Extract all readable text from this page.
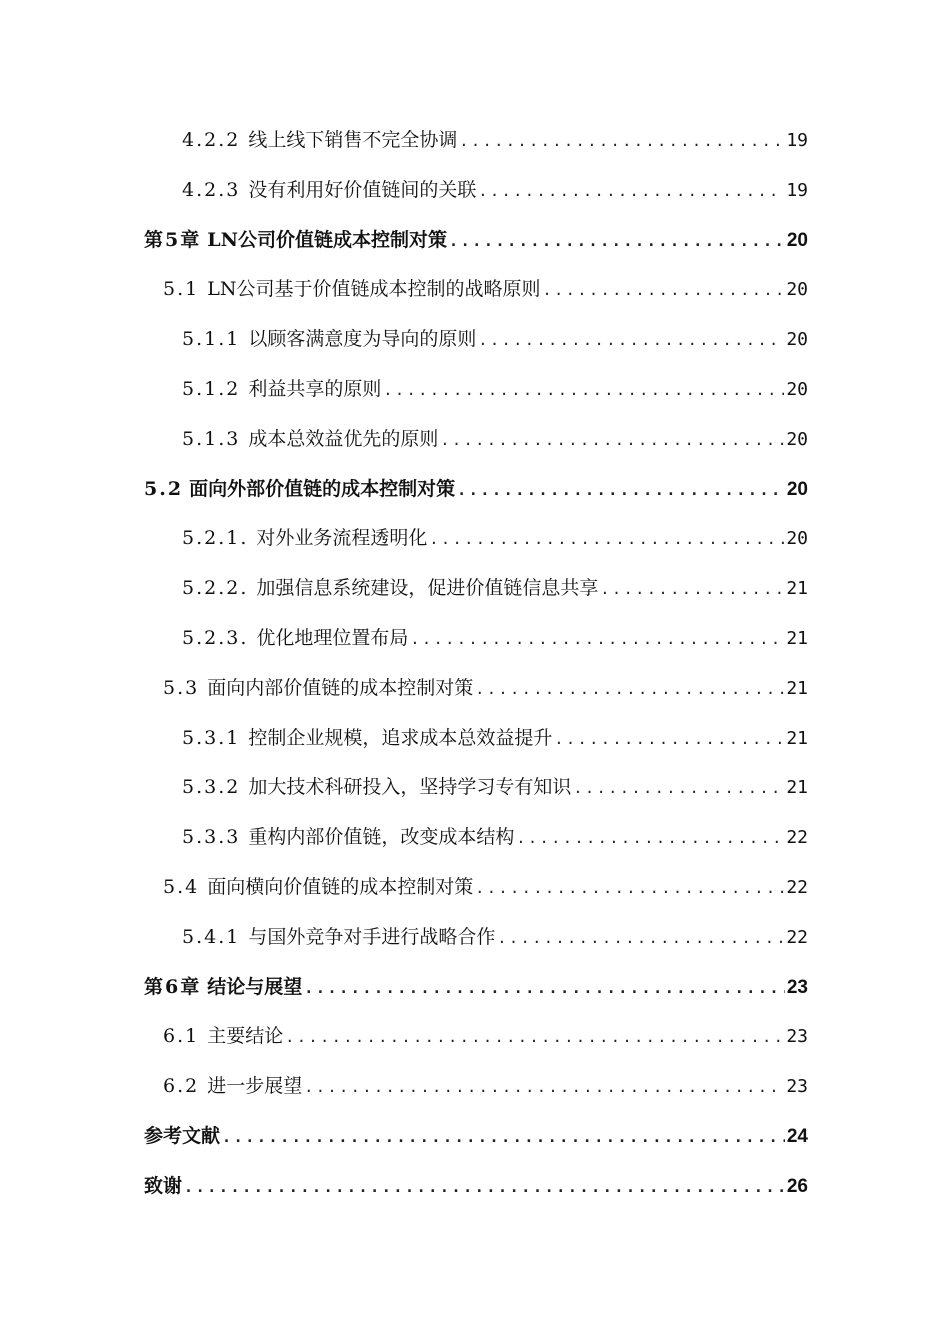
4.2.2 线上线下销售不完全协调 .....	19
4.2.3 没有利用好价值链间的关联 .....	19
第5章 LN公司价值链成本控制对策 .....	20
5.1 LN公司基于价值链成本控制的战略原则 .....	20
5.1.1 以顾客满意度为导向的原则 .....	20
5.1.2 利益共享的原则 .....	20
5.1.3 成本总效益优先的原则 .....	20
5.2 面向外部价值链的成本控制对策 .....	20
5.2.1. 对外业务流程透明化 .....	20
5.2.2. 加强信息系统建设，促进价值链信息共享 .....	21
5.2.3. 优化地理位置布局 .....	21
5.3 面向内部价值链的成本控制对策 .....	21
5.3.1 控制企业规模，追求成本总效益提升 .....	21
5.3.2 加大技术科研投入，坚持学习专有知识 .....	21
5.3.3 重构内部价值链，改变成本结构 .....	22
5.4 面向横向价值链的成本控制对策 .....	22
5.4.1 与国外竞争对手进行战略合作 .....	22
第6章 结论与展望 .....	23
6.1 主要结论 .....	23
6.2 进一步展望 .....	23
参考文献 .....	24
致谢 .....	26
